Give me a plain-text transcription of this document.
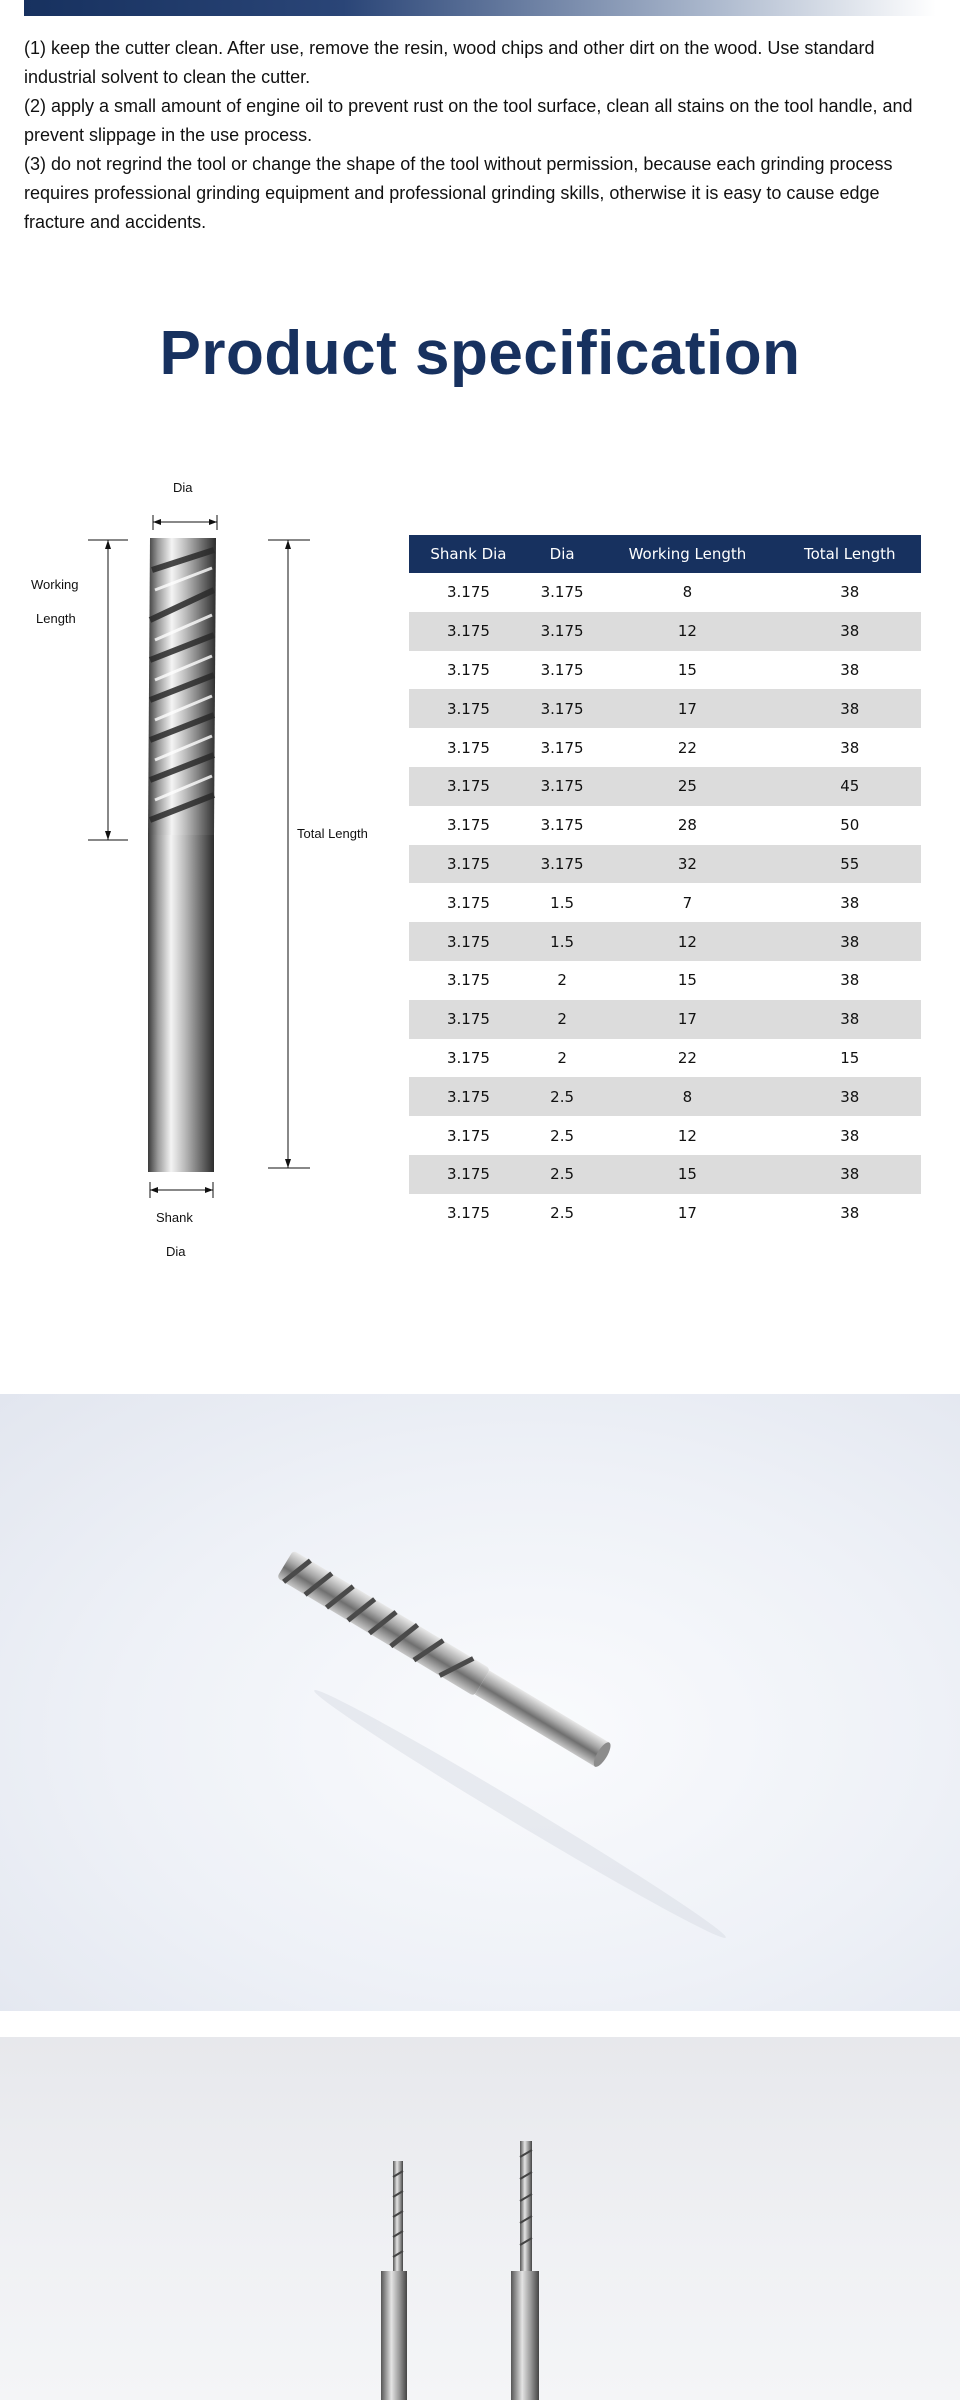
(1) keep the cutter clean. After use, remove the resin, wood chips and other dirt on the wood. Use standard industrial solvent to clean the cutter.

(2) apply a small amount of engine oil to prevent rust on the tool surface, clean all stains on the tool handle, and prevent slippage in the use process.

(3) do not regrind the tool or change the shape of the tool without permission, because each grinding process requires professional grinding equipment and professional grinding skills, otherwise it is easy to cause edge fracture and accidents.

Product specification
Dia
Working
Length
Total Length
Shank
Dia
Shank Dia	Dia	Working Length	Total Length
3.175	3.175	8	38
3.175	3.175	12	38
3.175	3.175	15	38
3.175	3.175	17	38
3.175	3.175	22	38
3.175	3.175	25	45
3.175	3.175	28	50
3.175	3.175	32	55
3.175	1.5	7	38
3.175	1.5	12	38
3.175	2	15	38
3.175	2	17	38
3.175	2	22	15
3.175	2.5	8	38
3.175	2.5	12	38
3.175	2.5	15	38
3.175	2.5	17	38
